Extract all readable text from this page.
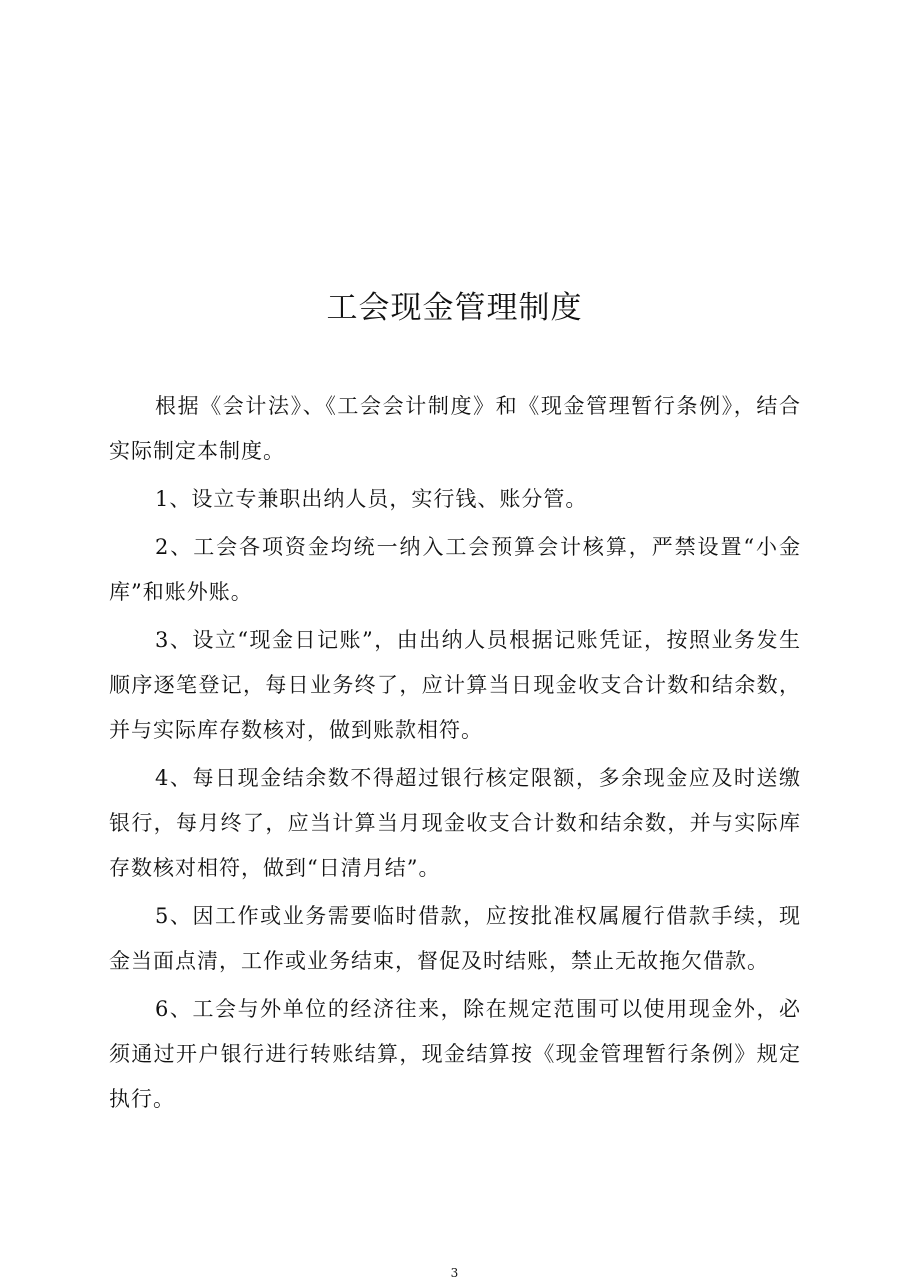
工会现金管理制度

根据《会计法》、《工会会计制度》和《现金管理暂行条例》，结合实际制定本制度。

1、设立专兼职出纳人员，实行钱、账分管。

2、工会各项资金均统一纳入工会预算会计核算，严禁设置“小金库”和账外账。

3、设立“现金日记账”，由出纳人员根据记账凭证，按照业务发生顺序逐笔登记，每日业务终了，应计算当日现金收支合计数和结余数，并与实际库存数核对，做到账款相符。

4、每日现金结余数不得超过银行核定限额，多余现金应及时送缴银行，每月终了，应当计算当月现金收支合计数和结余数，并与实际库存数核对相符，做到“日清月结”。

5、因工作或业务需要临时借款，应按批准权属履行借款手续，现金当面点清，工作或业务结束，督促及时结账，禁止无故拖欠借款。

6、工会与外单位的经济往来，除在规定范围可以使用现金外，必须通过开户银行进行转账结算，现金结算按《现金管理暂行条例》规定执行。

3
